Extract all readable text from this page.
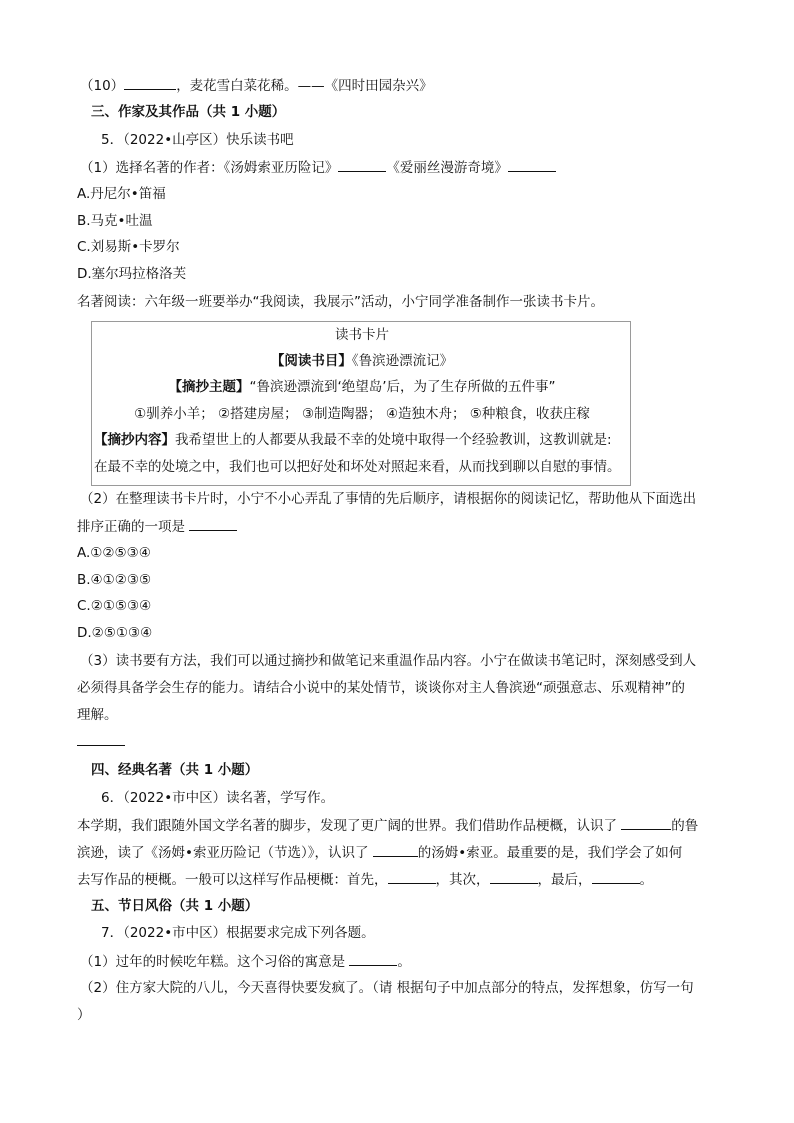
（10）	，麦花雪白菜花稀。——《四时田园杂兴》
三、作家及其作品（共 1 小题）
5．（2022•山亭区）快乐读书吧
（1）选择名著的作者：《汤姆索亚历险记》	《爱丽丝漫游奇境》
A.丹尼尔•笛福
B.马克•吐温
C.刘易斯•卡罗尔
D.塞尔玛拉格洛芙
名著阅读：六年级一班要举办“我阅读，我展示”活动，小宁同学准备制作一张读书卡片。
读书卡片
【阅读书目】《鲁滨逊漂流记》
【摘抄主题】“鲁滨逊漂流到‘绝望岛’后，为了生存所做的五件事”
①驯养小羊； ②搭建房屋； ③制造陶器； ④造独木舟； ⑤种粮食，收获庄稼
【摘抄内容】我希望世上的人都要从我最不幸的处境中取得一个经验教训，这教训就是:
在最不幸的处境之中，我们也可以把好处和坏处对照起来看，从而找到聊以自慰的事情。
（2）在整理读书卡片时，小宁不小心弄乱了事情的先后顺序，请根据你的阅读记忆，帮助他从下面选出
排序正确的一项是
A.①②⑤③④
B.④①②③⑤
C.②①⑤③④
D.②⑤①③④
（3）读书要有方法，我们可以通过摘抄和做笔记来重温作品内容。小宁在做读书笔记时，深刻感受到人
必须得具备学会生存的能力。请结合小说中的某处情节，谈谈你对主人鲁滨逊“顽强意志、乐观精神”的
理解。
四、经典名著（共 1 小题）
6．（2022•市中区）读名著，学写作。
本学期，我们跟随外国文学名著的脚步，发现了更广阔的世界。我们借助作品梗概，认识了	的鲁
滨逊，读了《汤姆•索亚历险记（节选）》，认识了	的汤姆•索亚。最重要的是，我们学会了如何
去写作品的梗概。一般可以这样写作品梗概：首先，	，其次，	，最后，	。
五、节日风俗（共 1 小题）
7．（2022•市中区）根据要求完成下列各题。
（1）过年的时候吃年糕。这个习俗的寓意是	。
（2）住方家大院的八儿，今天喜得快要发疯了。（请 根据句子中加点部分的特点，发挥想象，仿写一句
）
